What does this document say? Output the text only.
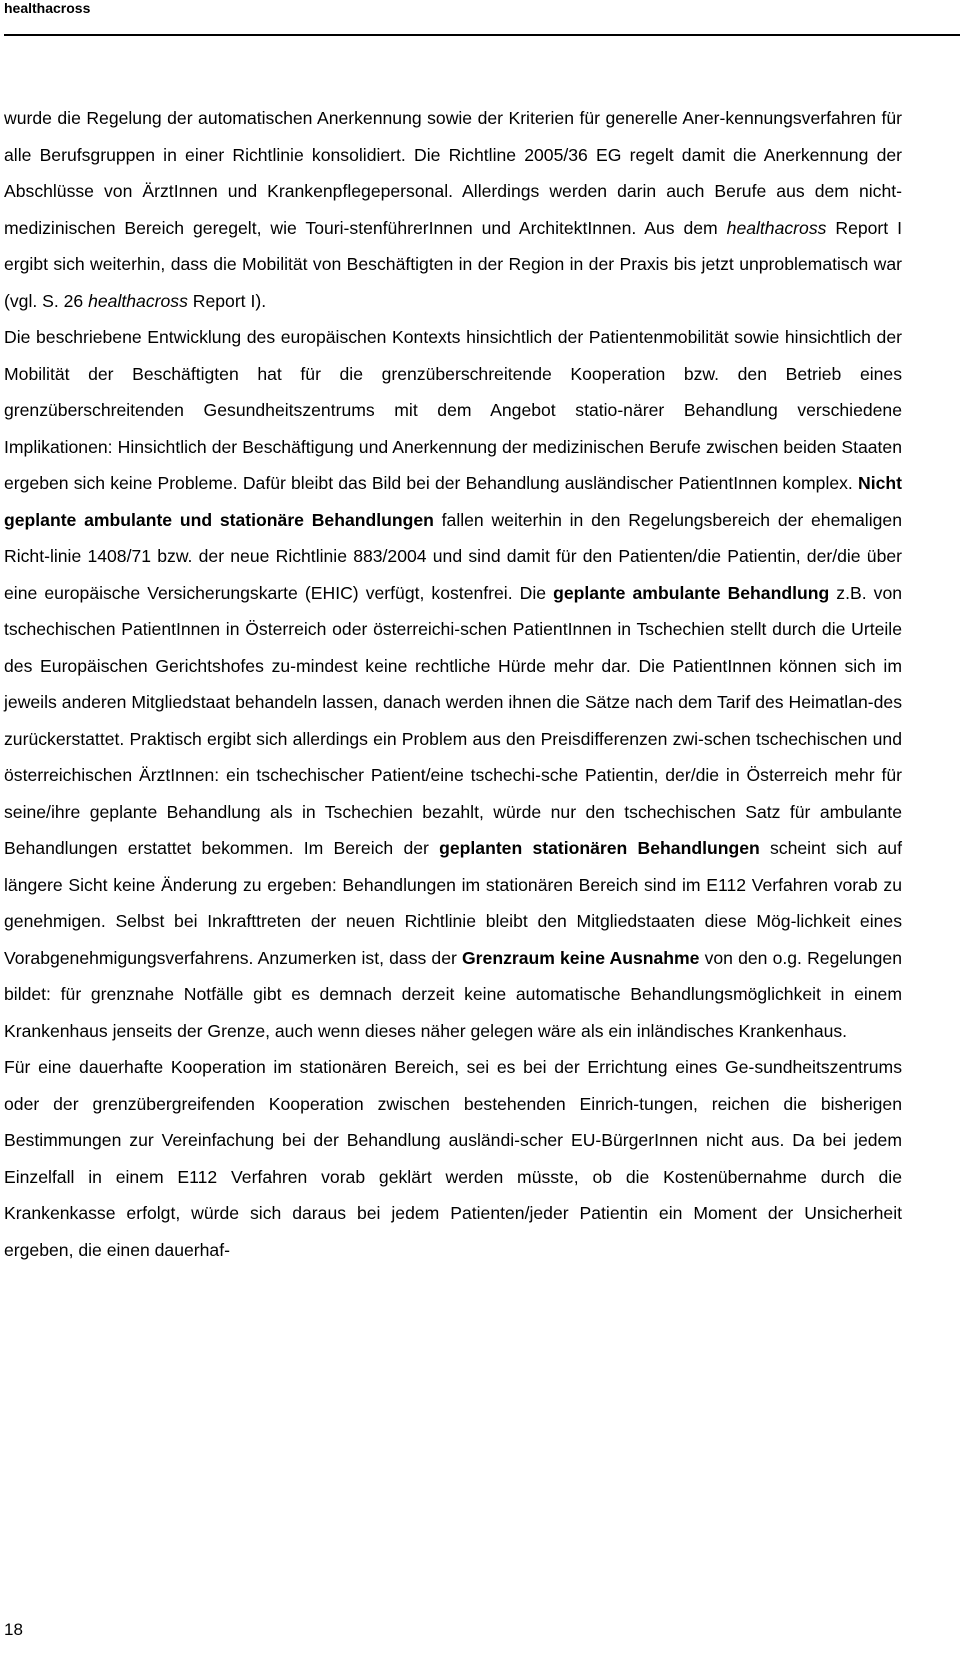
healthacross

wurde die Regelung der automatischen Anerkennung sowie der Kriterien für generelle Aner-kennungsverfahren für alle Berufsgruppen in einer Richtlinie konsolidiert. Die Richtline 2005/36 EG regelt damit die Anerkennung der Abschlüsse von ÄrztInnen und Krankenpflegepersonal. Allerdings werden darin auch Berufe aus dem nicht-medizinischen Bereich geregelt, wie Touri-stenführerInnen und ArchitektInnen. Aus dem healthacross Report I ergibt sich weiterhin, dass die Mobilität von Beschäftigten in der Region in der Praxis bis jetzt unproblematisch war (vgl. S. 26 healthacross Report I).

Die beschriebene Entwicklung des europäischen Kontexts hinsichtlich der Patientenmobilität sowie hinsichtlich der Mobilität der Beschäftigten hat für die grenzüberschreitende Kooperation bzw. den Betrieb eines grenzüberschreitenden Gesundheitszentrums mit dem Angebot statio-närer Behandlung verschiedene Implikationen: Hinsichtlich der Beschäftigung und Anerkennung der medizinischen Berufe zwischen beiden Staaten ergeben sich keine Probleme. Dafür bleibt das Bild bei der Behandlung ausländischer PatientInnen komplex. Nicht geplante ambulante und stationäre Behandlungen fallen weiterhin in den Regelungsbereich der ehemaligen Richt-linie 1408/71 bzw. der neue Richtlinie 883/2004 und sind damit für den Patienten/die Patientin, der/die über eine europäische Versicherungskarte (EHIC) verfügt, kostenfrei. Die geplante ambulante Behandlung z.B. von tschechischen PatientInnen in Österreich oder österreichi-schen PatientInnen in Tschechien stellt durch die Urteile des Europäischen Gerichtshofes zu-mindest keine rechtliche Hürde mehr dar. Die PatientInnen können sich im jeweils anderen Mitgliedstaat behandeln lassen, danach werden ihnen die Sätze nach dem Tarif des Heimatlan-des zurückerstattet. Praktisch ergibt sich allerdings ein Problem aus den Preisdifferenzen zwi-schen tschechischen und österreichischen ÄrztInnen: ein tschechischer Patient/eine tschechi-sche Patientin, der/die in Österreich mehr für seine/ihre geplante Behandlung als in Tschechien bezahlt, würde nur den tschechischen Satz für ambulante Behandlungen erstattet bekommen. Im Bereich der geplanten stationären Behandlungen scheint sich auf längere Sicht keine Änderung zu ergeben: Behandlungen im stationären Bereich sind im E112 Verfahren vorab zu genehmigen. Selbst bei Inkrafttreten der neuen Richtlinie bleibt den Mitgliedstaaten diese Mög-lichkeit eines Vorabgenehmigungsverfahrens. Anzumerken ist, dass der Grenzraum keine Ausnahme von den o.g. Regelungen bildet: für grenznahe Notfälle gibt es demnach derzeit keine automatische Behandlungsmöglichkeit in einem Krankenhaus jenseits der Grenze, auch wenn dieses näher gelegen wäre als ein inländisches Krankenhaus.

Für eine dauerhafte Kooperation im stationären Bereich, sei es bei der Errichtung eines Ge-sundheitszentrums oder der grenzübergreifenden Kooperation zwischen bestehenden Einrich-tungen, reichen die bisherigen Bestimmungen zur Vereinfachung bei der Behandlung ausländi-scher EU-BürgerInnen nicht aus. Da bei jedem Einzelfall in einem E112 Verfahren vorab geklärt werden müsste, ob die Kostenübernahme durch die Krankenkasse erfolgt, würde sich daraus bei jedem Patienten/jeder Patientin ein Moment der Unsicherheit ergeben, die einen dauerhaf-

18
